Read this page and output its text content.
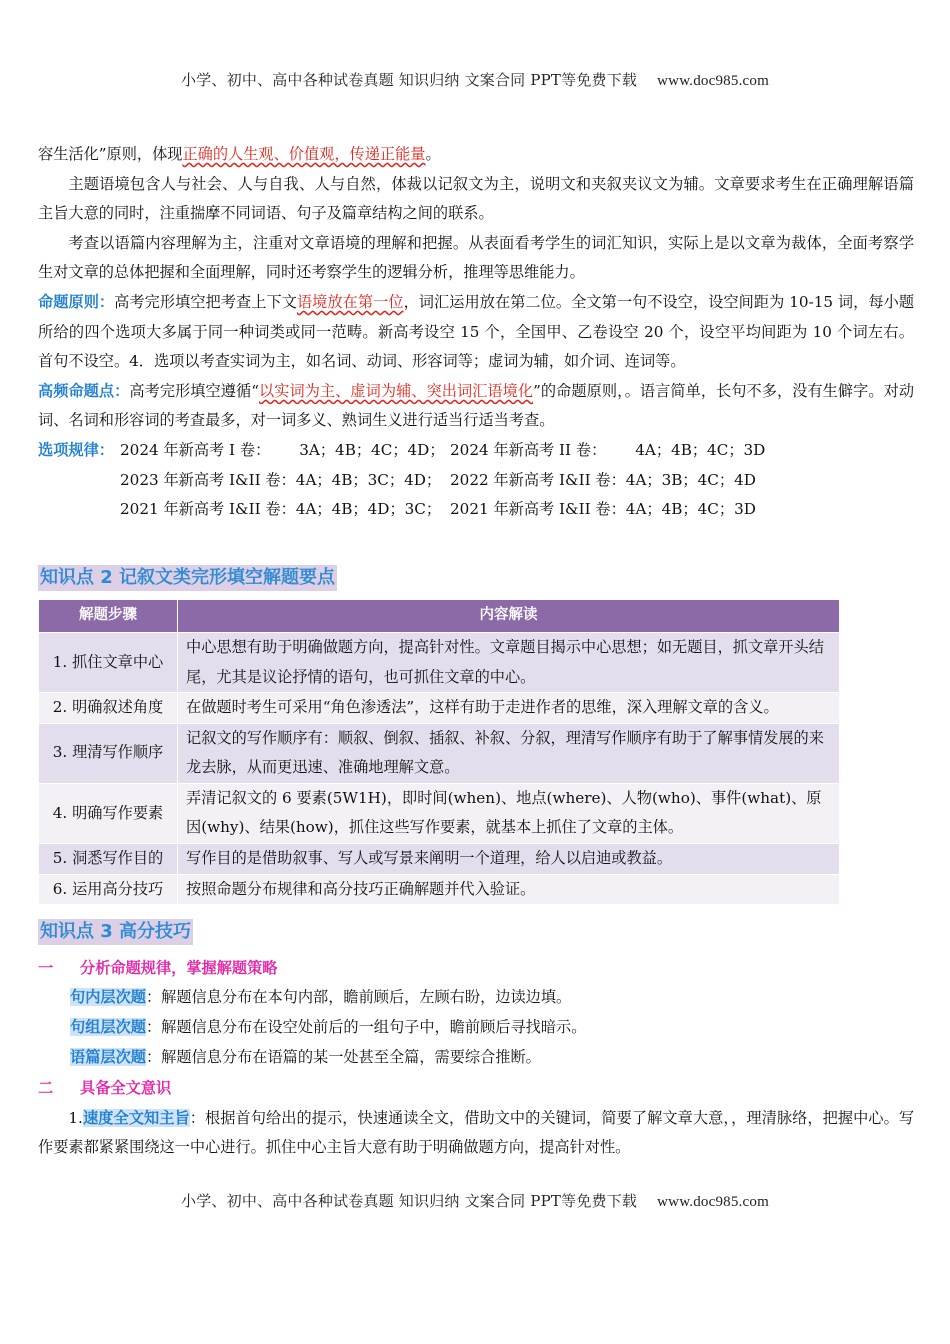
小学、初中、高中各种试卷真题 知识归纳 文案合同 PPT等免费下载 www.doc985.com

容生活化”原则，体现正确的人生观、价值观，传递正能量。

主题语境包含人与社会、人与自我、人与自然，体裁以记叙文为主，说明文和夹叙夹议文为辅。文章要求考生在正确理解语篇主旨大意的同时，注重揣摩不同词语、句子及篇章结构之间的联系。

考查以语篇内容理解为主，注重对文章语境的理解和把握。从表面看考学生的词汇知识，实际上是以文章为裁体，全面考察学生对文章的总体把握和全面理解，同时还考察学生的逻辑分析，推理等思维能力。

命题原则：高考完形填空把考查上下文语境放在第一位，词汇运用放在第二位。全文第一句不设空，设空间距为 10-15 词，每小题所给的四个选项大多属于同一种词类或同一范畴。新高考设空 15 个，全国甲、乙卷设空 20 个，设空平均间距为 10 个词左右。首句不设空。4．选项以考查实词为主，如名词、动词、形容词等；虚词为辅，如介词、连词等。

高频命题点：高考完形填空遵循“以实词为主、虚词为辅、突出词汇语境化”的命题原则，。语言简单，长句不多，没有生僻字。对动词、名词和形容词的考查最多，对一词多义、熟词生义进行适当行适当考查。

选项规律： 2024 年新高考 I 卷：      3A；4B；4C；4D； 2024 年新高考 II 卷：      4A；4B；4C；3D
2023 年新高考 I&II 卷：4A；4B；3C；4D； 2022 年新高考 I&II 卷：4A；3B；4C；4D
2021 年新高考 I&II 卷：4A；4B；4D；3C； 2021 年新高考 I&II 卷：4A；4B；4C；3D
知识点 2 记叙文类完形填空解题要点
解题步骤	内容解读
1. 抓住文章中心	中心思想有助于明确做题方向，提高针对性。文章题目揭示中心思想；如无题目，抓文章开头结尾，尤其是议论抒情的语句，也可抓住文章的中心。
2. 明确叙述角度	在做题时考生可采用“角色渗透法”，这样有助于走进作者的思维，深入理解文章的含义。
3. 理清写作顺序	记叙文的写作顺序有：顺叙、倒叙、插叙、补叙、分叙，理清写作顺序有助于了解事情发展的来龙去脉，从而更迅速、准确地理解文意。
4. 明确写作要素	弄清记叙文的 6 要素(5W1H)，即时间(when)、地点(where)、人物(who)、事件(what)、原因(why)、结果(how)，抓住这些写作要素，就基本上抓住了文章的主体。
5. 洞悉写作目的	写作目的是借助叙事、写人或写景来阐明一个道理，给人以启迪或教益。
6. 运用高分技巧	按照命题分布规律和高分技巧正确解题并代入验证。
知识点 3 高分技巧
一 分析命题规律，掌握解题策略

句内层次题：解题信息分布在本句内部，瞻前顾后，左顾右盼，边读边填。

句组层次题：解题信息分布在设空处前后的一组句子中，瞻前顾后寻找暗示。

语篇层次题：解题信息分布在语篇的某一处甚至全篇，需要综合推断。

二 具备全文意识

1.速度全文知主旨：根据首句给出的提示，快速通读全文，借助文中的关键词，简要了解文章大意，，理清脉络，把握中心。写作要素都紧紧围绕这一中心进行。抓住中心主旨大意有助于明确做题方向，提高针对性。

小学、初中、高中各种试卷真题 知识归纳 文案合同 PPT等免费下载 www.doc985.com
